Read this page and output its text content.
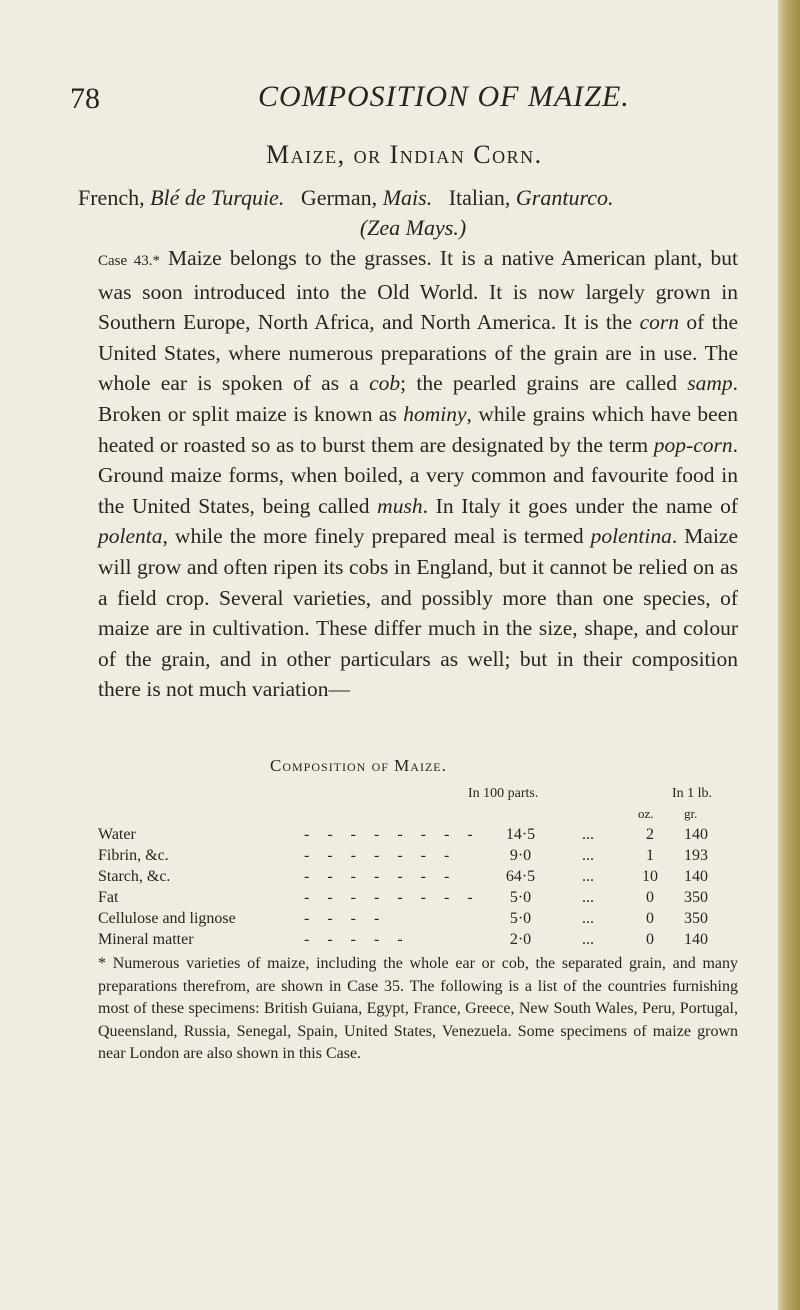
78	COMPOSITION OF MAIZE.
Maize, or Indian Corn.
French, Blé de Turquie. German, Mais. Italian, Granturco.
(Zea Mays.)
Case 43.* Maize belongs to the grasses. It is a native American plant, but was soon introduced into the Old World. It is now largely grown in Southern Europe, North Africa, and North America. It is the corn of the United States, where numerous preparations of the grain are in use. The whole ear is spoken of as a cob; the pearled grains are called samp. Broken or split maize is known as hominy, while grains which have been heated or roasted so as to burst them are designated by the term pop-corn. Ground maize forms, when boiled, a very common and favourite food in the United States, being called mush. In Italy it goes under the name of polenta, while the more finely prepared meal is termed polentina. Maize will grow and often ripen its cobs in England, but it cannot be relied on as a field crop. Several varieties, and possibly more than one species, of maize are in cultivation. These differ much in the size, shape, and colour of the grain, and in other particulars as well; but in their composition there is not much variation—
Composition of Maize.
In 100 parts.	In 1 lb.
oz. gr.
Water	- - - - - - - -	14·5	...	2	140
Fibrin, &c.	- - - - - - -	9·0	...	1	193
Starch, &c.	- - - - - - -	64·5	...	10	140
Fat	- - - - - - - -	5·0	...	0	350
Cellulose and lignose	- - - -	5·0	...	0	350
Mineral matter	- - - - -	2·0	...	0	140
* Numerous varieties of maize, including the whole ear or cob, the separated grain, and many preparations therefrom, are shown in Case 35. The following is a list of the countries furnishing most of these specimens: British Guiana, Egypt, France, Greece, New South Wales, Peru, Portugal, Queensland, Russia, Senegal, Spain, United States, Venezuela. Some specimens of maize grown near London are also shown in this Case.
